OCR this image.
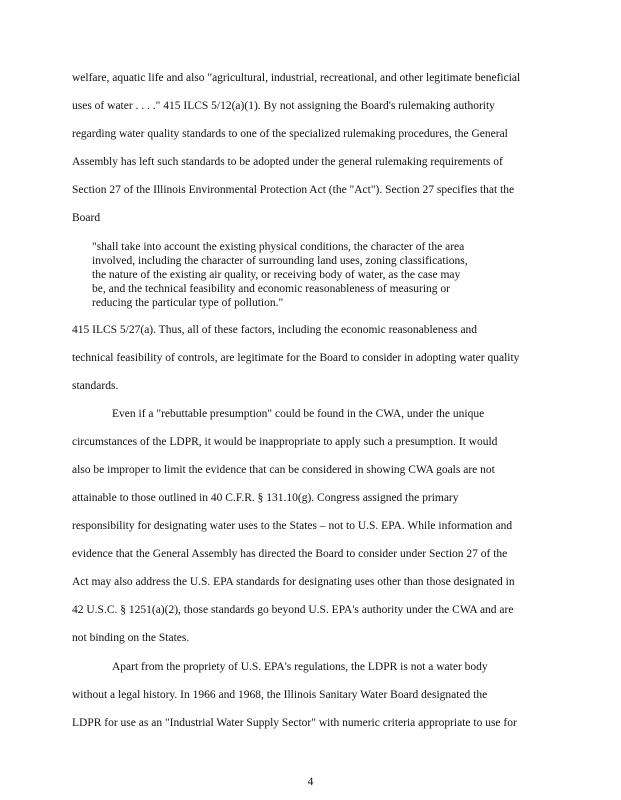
welfare, aquatic life and also "agricultural, industrial, recreational, and other legitimate beneficial
uses of water . . . ." 415 ILCS 5/12(a)(1). By not assigning the Board's rulemaking authority
regarding water quality standards to one of the specialized rulemaking procedures, the General
Assembly has left such standards to be adopted under the general rulemaking requirements of
Section 27 of the Illinois Environmental Protection Act (the "Act"). Section 27 specifies that the
Board
"shall take into account the existing physical conditions, the character of the area
involved, including the character of surrounding land uses, zoning classifications,
the nature of the existing air quality, or receiving body of water, as the case may
be, and the technical feasibility and economic reasonableness of measuring or
reducing the particular type of pollution."
415 ILCS 5/27(a). Thus, all of these factors, including the economic reasonableness and
technical feasibility of controls, are legitimate for the Board to consider in adopting water quality
standards.
Even if a "rebuttable presumption" could be found in the CWA, under the unique
circumstances of the LDPR, it would be inappropriate to apply such a presumption. It would
also be improper to limit the evidence that can be considered in showing CWA goals are not
attainable to those outlined in 40 C.F.R. § 131.10(g). Congress assigned the primary
responsibility for designating water uses to the States – not to U.S. EPA. While information and
evidence that the General Assembly has directed the Board to consider under Section 27 of the
Act may also address the U.S. EPA standards for designating uses other than those designated in
42 U.S.C. § 1251(a)(2), those standards go beyond U.S. EPA's authority under the CWA and are
not binding on the States.
Apart from the propriety of U.S. EPA's regulations, the LDPR is not a water body
without a legal history. In 1966 and 1968, the Illinois Sanitary Water Board designated the
LDPR for use as an "Industrial Water Supply Sector" with numeric criteria appropriate to use for
4
